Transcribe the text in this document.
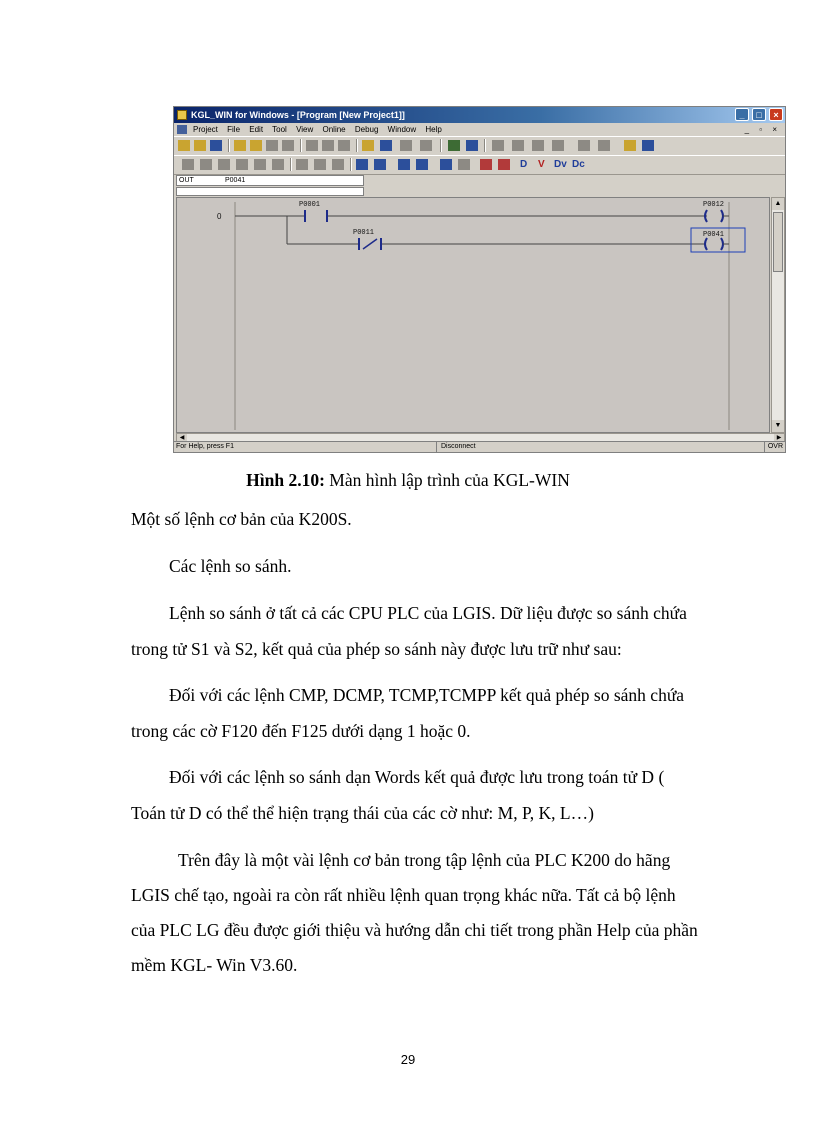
KGL_WIN for Windows - [Program [New Project1]]	_	□	×
Project File Edit Tool View Online Debug Window Help	_ ▫ ×
D V Dv Dc
OUT	P0041
0
P0001	P0012
P0011	P0041
▲
▼
◀	▶
For Help, press F1	Disconnect	OVR
Hình 2.10: Màn hình lập trình của KGL-WIN
Một số lệnh cơ bản của K200S.
Các lệnh so sánh.
Lệnh so sánh ở tất cả các CPU PLC của LGIS. Dữ liệu được so sánh chứa
trong tử S1 và S2, kết quả của phép so sánh này được lưu trữ như sau:
Đối với các lệnh CMP, DCMP, TCMP,TCMPP kết quả phép so sánh chứa
trong các cờ F120 đến F125 dưới dạng 1 hoặc 0.
Đối với các lệnh so sánh dạn Words kết quả được lưu trong toán tử D (
Toán tử D có thể thể hiện trạng thái của các cờ như: M, P, K, L…)
Trên đây là một vài lệnh cơ bản trong tập lệnh của PLC K200 do hãng
LGIS chế tạo, ngoài ra còn rất nhiều lệnh quan trọng khác nữa. Tất cả bộ lệnh
của PLC LG đều được giới thiệu và hướng dẫn chi tiết trong phần Help của phần
mềm KGL- Win V3.60.
29
